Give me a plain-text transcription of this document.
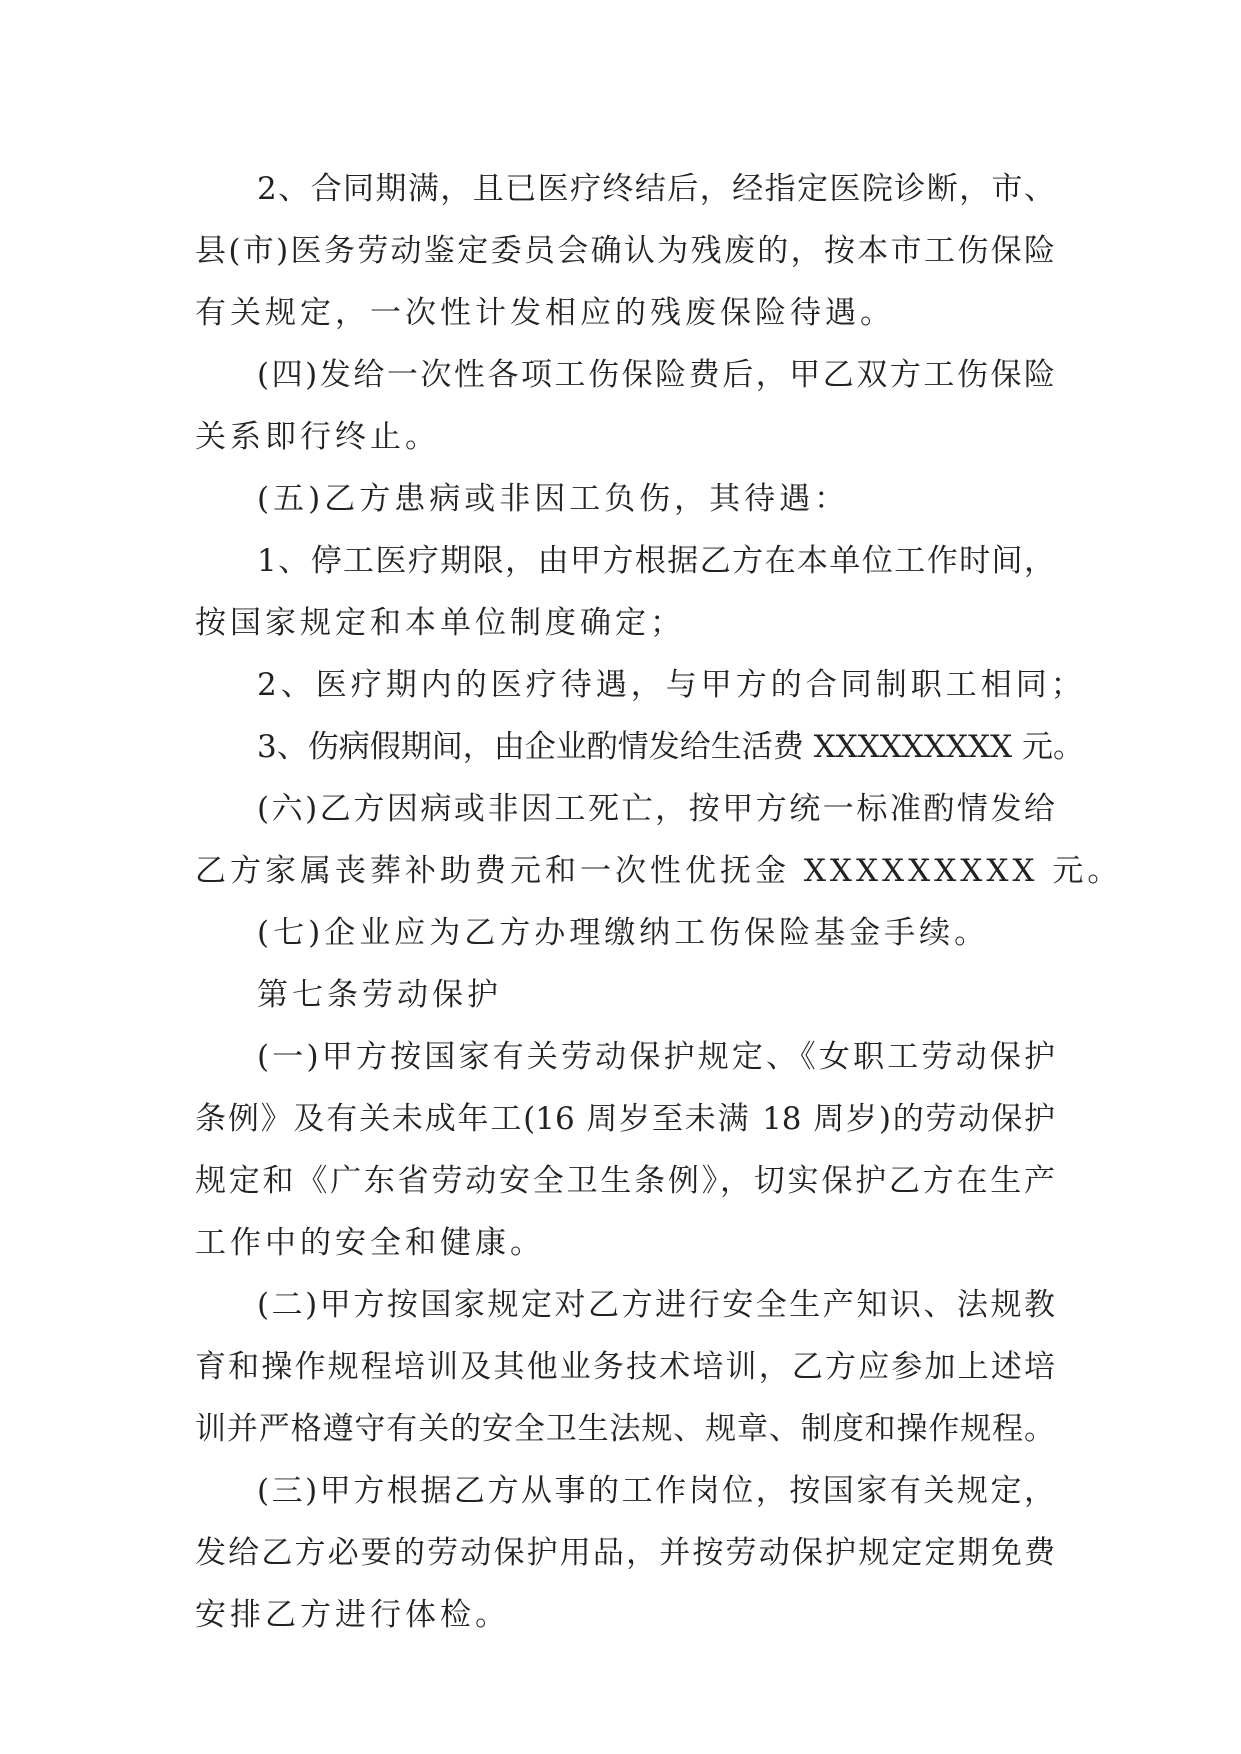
2、合同期满，且已医疗终结后，经指定医院诊断，市、
县(市)医务劳动鉴定委员会确认为残废的，按本市工伤保险
有关规定，一次性计发相应的残废保险待遇。
(四)发给一次性各项工伤保险费后，甲乙双方工伤保险
关系即行终止。
(五)乙方患病或非因工负伤，其待遇：
1、停工医疗期限，由甲方根据乙方在本单位工作时间，
按国家规定和本单位制度确定；
2、医疗期内的医疗待遇，与甲方的合同制职工相同；
3、伤病假期间，由企业酌情发给生活费 XXXXXXXXX 元。
(六)乙方因病或非因工死亡，按甲方统一标准酌情发给
乙方家属丧葬补助费元和一次性优抚金 XXXXXXXXX 元。
(七)企业应为乙方办理缴纳工伤保险基金手续。
第七条劳动保护
(一)甲方按国家有关劳动保护规定、《女职工劳动保护
条例》及有关未成年工(16 周岁至未满 18 周岁)的劳动保护
规定和《广东省劳动安全卫生条例》，切实保护乙方在生产
工作中的安全和健康。
(二)甲方按国家规定对乙方进行安全生产知识、法规教
育和操作规程培训及其他业务技术培训，乙方应参加上述培
训并严格遵守有关的安全卫生法规、规章、制度和操作规程。
(三)甲方根据乙方从事的工作岗位，按国家有关规定，
发给乙方必要的劳动保护用品，并按劳动保护规定定期免费
安排乙方进行体检。
